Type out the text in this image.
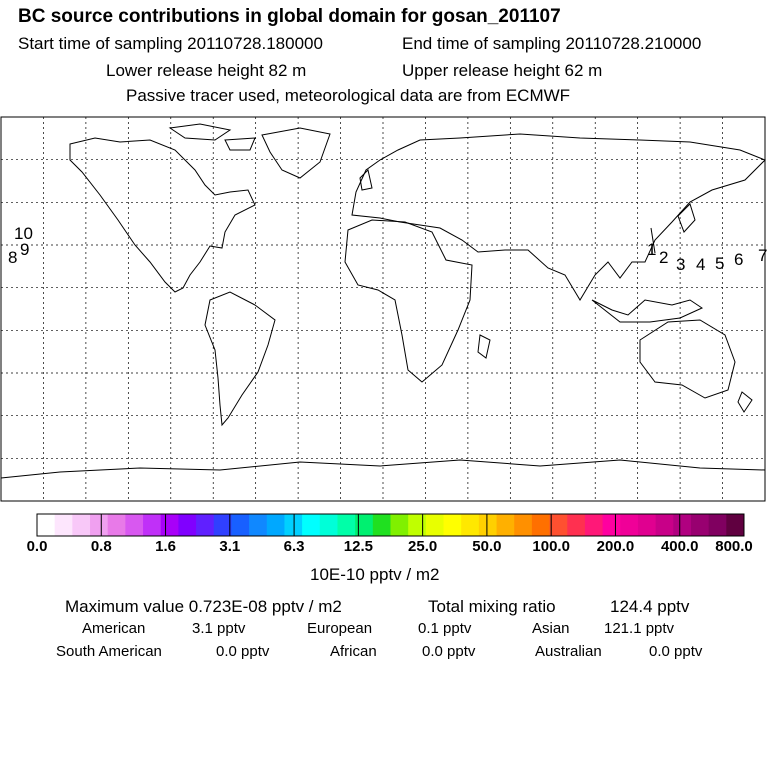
BC source contributions in global domain for gosan_201107
Start time of sampling 20110728.180000	End time of sampling 20110728.210000
Lower release height 82 m	Upper release height 62 m
Passive tracer used, meteorological data are from ECMWF
10
9
8	1 2 3 4 5 6 7
0.0	0.8	1.6	3.1	6.3	12.5 25.0 50.0 100.0 200.0 400.0 800.0
10E-10 pptv / m2
Maximum value 0.723E-08 pptv / m2	Total mixing ratio	124.4 pptv
American	3.1 pptv	European	0.1 pptv	Asian 121.1 pptv
South American	0.0 pptv	African	0.0 pptv	Australian	0.0 pptv
